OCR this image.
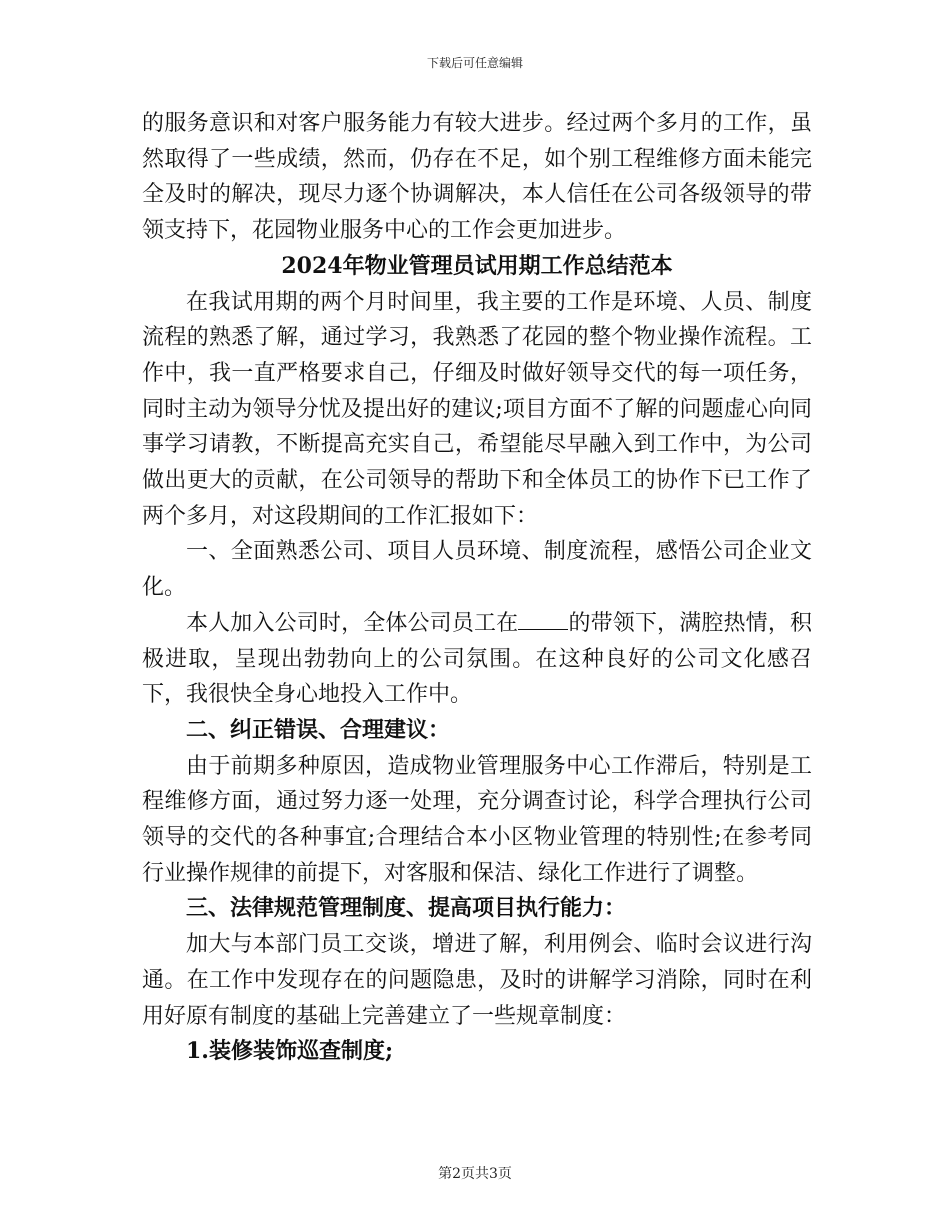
下载后可任意编辑

的服务意识和对客户服务能力有较大进步。经过两个多月的工作，虽然取得了一些成绩，然而，仍存在不足，如个别工程维修方面未能完全及时的解决，现尽力逐个协调解决，本人信任在公司各级领导的带领支持下，花园物业服务中心的工作会更加进步。

2024年物业管理员试用期工作总结范本

在我试用期的两个月时间里，我主要的工作是环境、人员、制度流程的熟悉了解，通过学习，我熟悉了花园的整个物业操作流程。工作中，我一直严格要求自己，仔细及时做好领导交代的每一项任务，同时主动为领导分忧及提出好的建议;项目方面不了解的问题虚心向同事学习请教，不断提高充实自己，希望能尽早融入到工作中，为公司做出更大的贡献，在公司领导的帮助下和全体员工的协作下已工作了两个多月，对这段期间的工作汇报如下：

一、全面熟悉公司、项目人员环境、制度流程，感悟公司企业文化。

本人加入公司时，全体公司员工在 的带领下，满腔热情，积极进取，呈现出勃勃向上的公司氛围。在这种良好的公司文化感召下，我很快全身心地投入工作中。

二、纠正错误、合理建议：

由于前期多种原因，造成物业管理服务中心工作滞后，特别是工程维修方面，通过努力逐一处理，充分调查讨论，科学合理执行公司领导的交代的各种事宜;合理结合本小区物业管理的特别性;在参考同行业操作规律的前提下，对客服和保洁、绿化工作进行了调整。

三、法律规范管理制度、提高项目执行能力：

加大与本部门员工交谈，增进了解，利用例会、临时会议进行沟通。在工作中发现存在的问题隐患，及时的讲解学习消除，同时在利用好原有制度的基础上完善建立了一些规章制度：

1.装修装饰巡查制度;

第2页共3页
